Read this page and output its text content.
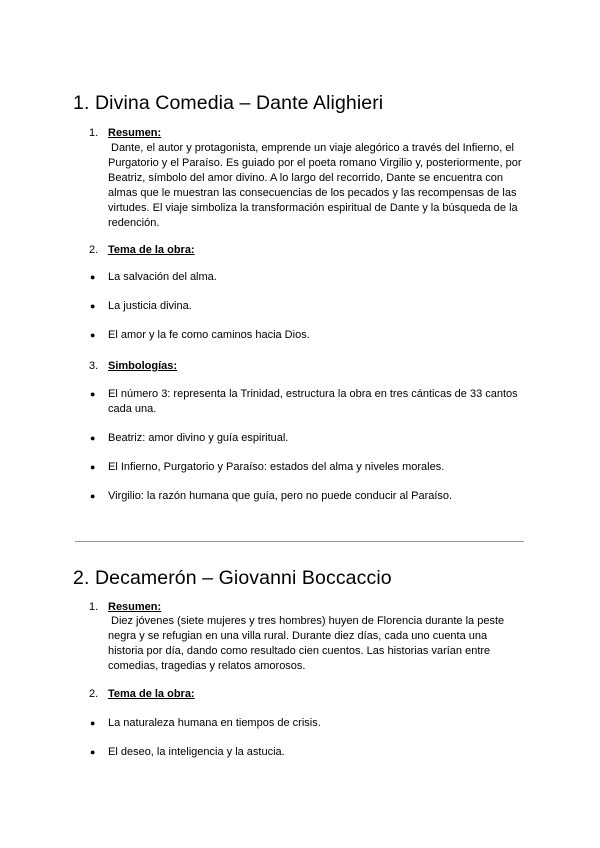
1. Divina Comedia – Dante Alighieri
1. Resumen:
Dante, el autor y protagonista, emprende un viaje alegórico a través del Infierno, el Purgatorio y el Paraíso. Es guiado por el poeta romano Virgilio y, posteriormente, por Beatriz, símbolo del amor divino. A lo largo del recorrido, Dante se encuentra con almas que le muestran las consecuencias de los pecados y las recompensas de las virtudes. El viaje simboliza la transformación espiritual de Dante y la búsqueda de la redención.
2. Tema de la obra:
● La salvación del alma.
● La justicia divina.
● El amor y la fe como caminos hacia Dios.
3. Simbologías:
● El número 3: representa la Trinidad, estructura la obra en tres cánticas de 33 cantos cada una.
● Beatriz: amor divino y guía espiritual.
● El Infierno, Purgatorio y Paraíso: estados del alma y niveles morales.
● Virgilio: la razón humana que guía, pero no puede conducir al Paraíso.
2. Decamerón – Giovanni Boccaccio
1. Resumen:
Diez jóvenes (siete mujeres y tres hombres) huyen de Florencia durante la peste negra y se refugian en una villa rural. Durante diez días, cada uno cuenta una historia por día, dando como resultado cien cuentos. Las historias varían entre comedias, tragedias y relatos amorosos.
2. Tema de la obra:
● La naturaleza humana en tiempos de crisis.
● El deseo, la inteligencia y la astucia.
